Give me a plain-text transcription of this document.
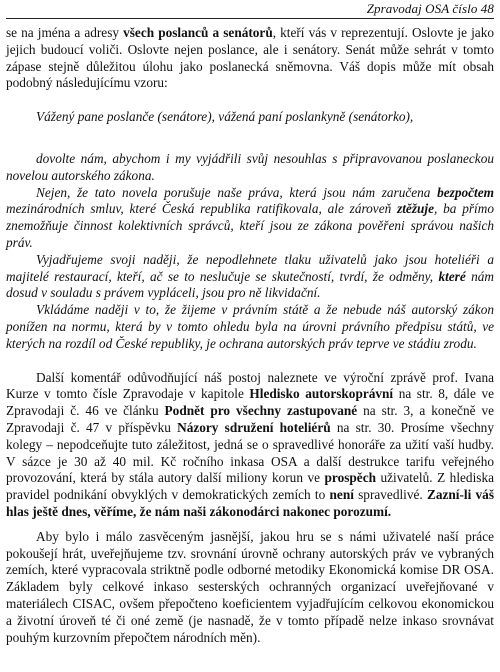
Zpravodaj OSA číslo 48

se na jména a adresy všech poslanců a senátorů, kteří vás v reprezentují. Oslovte je jako jejich budoucí voliči. Oslovte nejen poslance, ale i senátory. Senát může sehrát v tomto zápase stejně důležitou úlohu jako poslanecká sněmovna. Váš dopis může mít obsah podobný následujícímu vzoru:

Vážený pane poslanče (senátore), vážená paní poslankyně (senátorko),

dovolte nám, abychom i my vyjádřili svůj nesouhlas s připravovanou poslaneckou novelou autorského zákona.

Nejen, že tato novela porušuje naše práva, která jsou nám zaručena bezpočtem mezinárodních smluv, které Česká republika ratifikovala, ale zároveň ztěžuje, ba přímo znemožňuje činnost kolektivních správců, kteří jsou ze zákona pověřeni správou našich práv.

Vyjadřujeme svoji naději, že nepodlehnete tlaku uživatelů jako jsou hoteliéři a majitelé restaurací, kteří, ač se to neslučuje se skutečností, tvrdí, že odměny, které nám dosud v souladu s právem vypláceli, jsou pro ně likvidační.

Vkládáme naději v to, že žijeme v právním státě a že nebude náš autorský zákon ponížen na normu, která by v tomto ohledu byla na úrovni právního předpisu států, ve kterých na rozdíl od České republiky, je ochrana autorských práv teprve ve stádiu zrodu.

Další komentář odůvodňující náš postoj naleznete ve výroční zprávě prof. Ivana Kurze v tomto čísle Zpravodaje v kapitole Hledisko autorskoprávní na str. 8, dále ve Zpravodaji č. 46 ve článku Podnět pro všechny zastupované na str. 3, a konečně ve Zpravodaji č. 47 v příspěvku Názory sdružení hoteliérů na str. 30. Prosíme všechny kolegy – nepodceňujte tuto záležitost, jedná se o spravedlivé honoráře za užití vaší hudby. V sázce je 30 až 40 mil. Kč ročního inkasa OSA a další destrukce tarifu veřejného provozování, která by stála autory další miliony korun ve prospěch uživatelů. Z hlediska pravidel podnikání obvyklých v demokratických zemích to není spravedlivé. Zazní-li váš hlas ještě dnes, věříme, že nám naši zákonodárci nakonec porozumí.

Aby bylo i málo zasvěceným jasnější, jakou hru se s námi uživatelé naší práce pokoušejí hrát, uveřejňujeme tzv. srovnání úrovně ochrany autorských práv ve vybraných zemích, které vypracovala striktně podle odborné metodiky Ekonomická komise DR OSA. Základem byly celkové inkaso sesterských ochranných organizací uveřejňované v materiálech CISAC, ovšem přepočteno koeficientem vyjadřujícím celkovou ekonomickou a životní úroveň té či oné země (je nasnadě, že v tomto případě nelze inkaso srovnávat pouhým kurzovním přepočtem národních měn).
